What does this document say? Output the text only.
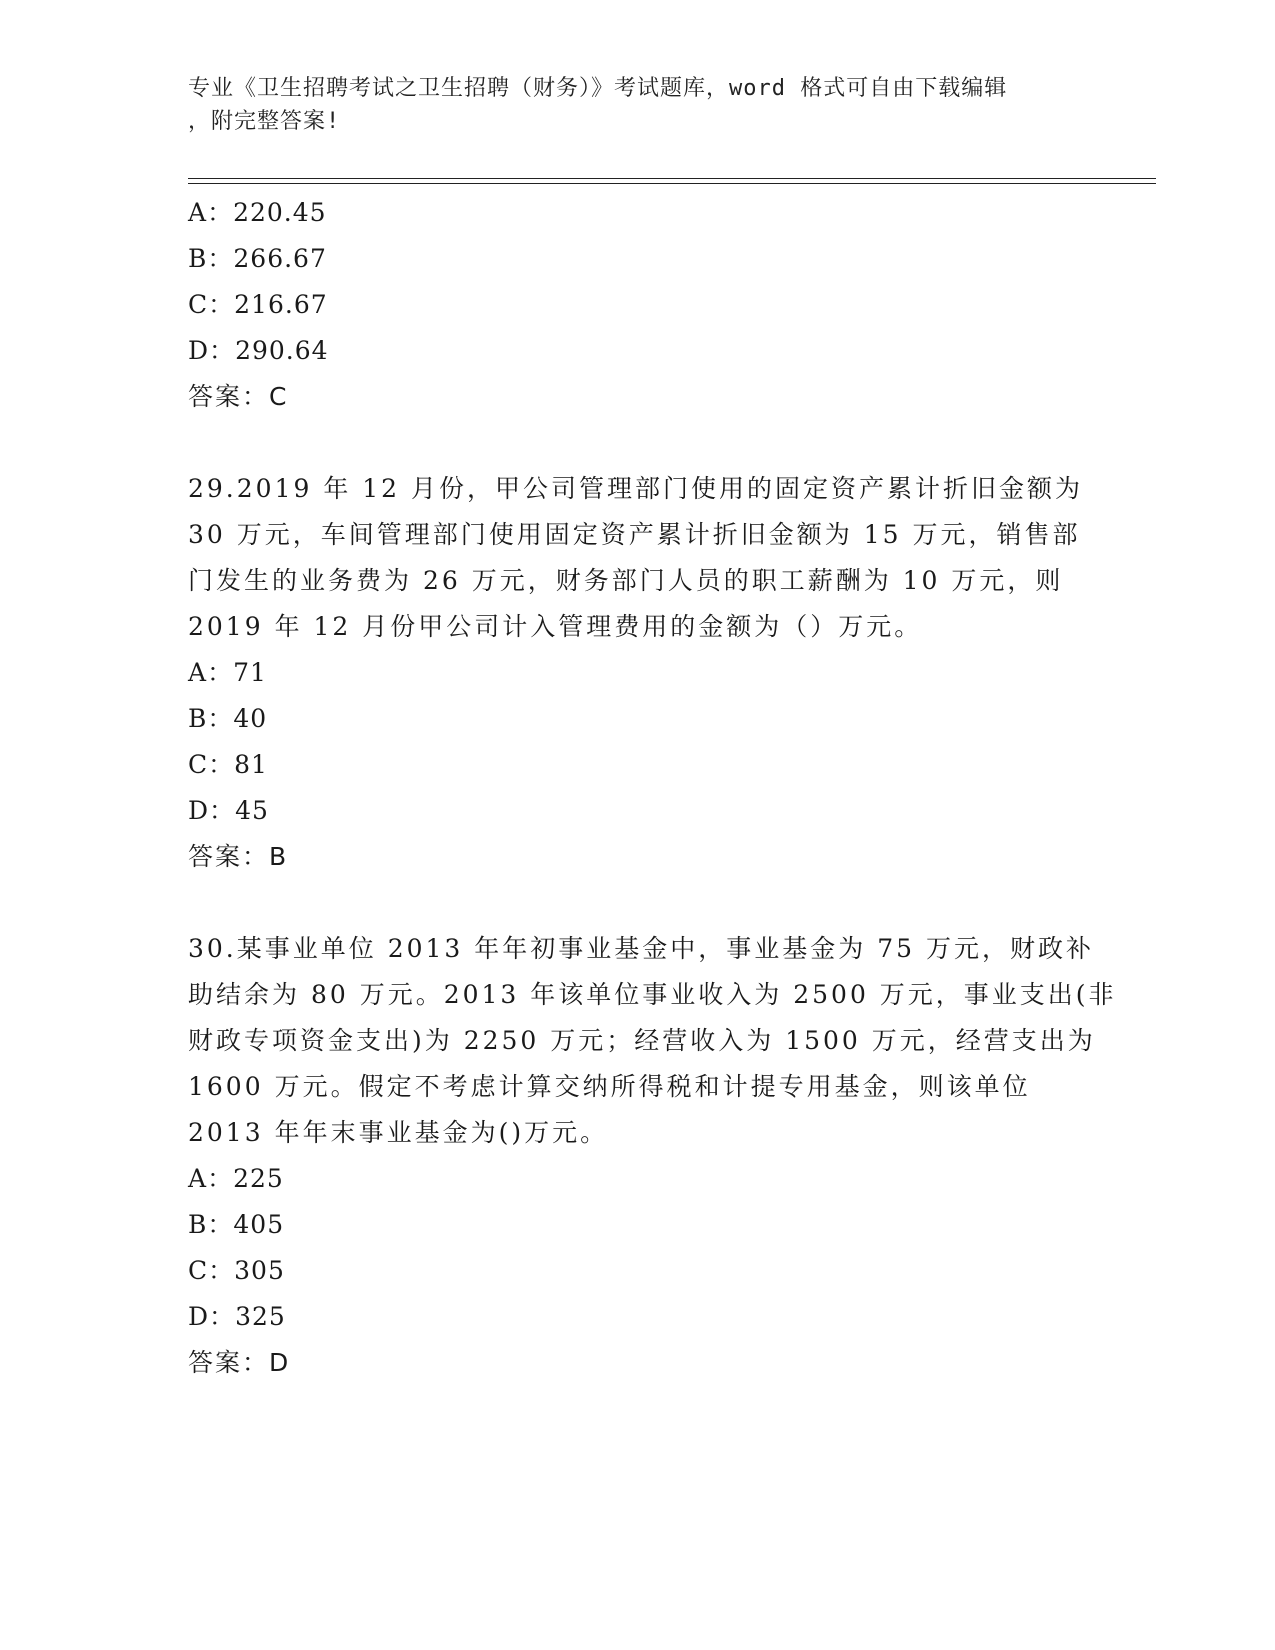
专业《卫生招聘考试之卫生招聘（财务）》考试题库，word 格式可自由下载编辑
，附完整答案!
A：220.45
B：266.67
C：216.67
D：290.64
答案：C
29.2019 年 12 月份，甲公司管理部门使用的固定资产累计折旧金额为
30 万元，车间管理部门使用固定资产累计折旧金额为 15 万元，销售部
门发生的业务费为 26 万元，财务部门人员的职工薪酬为 10 万元，则
2019 年 12 月份甲公司计入管理费用的金额为（）万元。
A：71
B：40
C：81
D：45
答案：B
30.某事业单位 2013 年年初事业基金中，事业基金为 75 万元，财政补
助结余为 80 万元。2013 年该单位事业收入为 2500 万元，事业支出(非
财政专项资金支出)为 2250 万元；经营收入为 1500 万元，经营支出为
1600 万元。假定不考虑计算交纳所得税和计提专用基金，则该单位
2013 年年末事业基金为()万元。
A：225
B：405
C：305
D：325
答案：D
